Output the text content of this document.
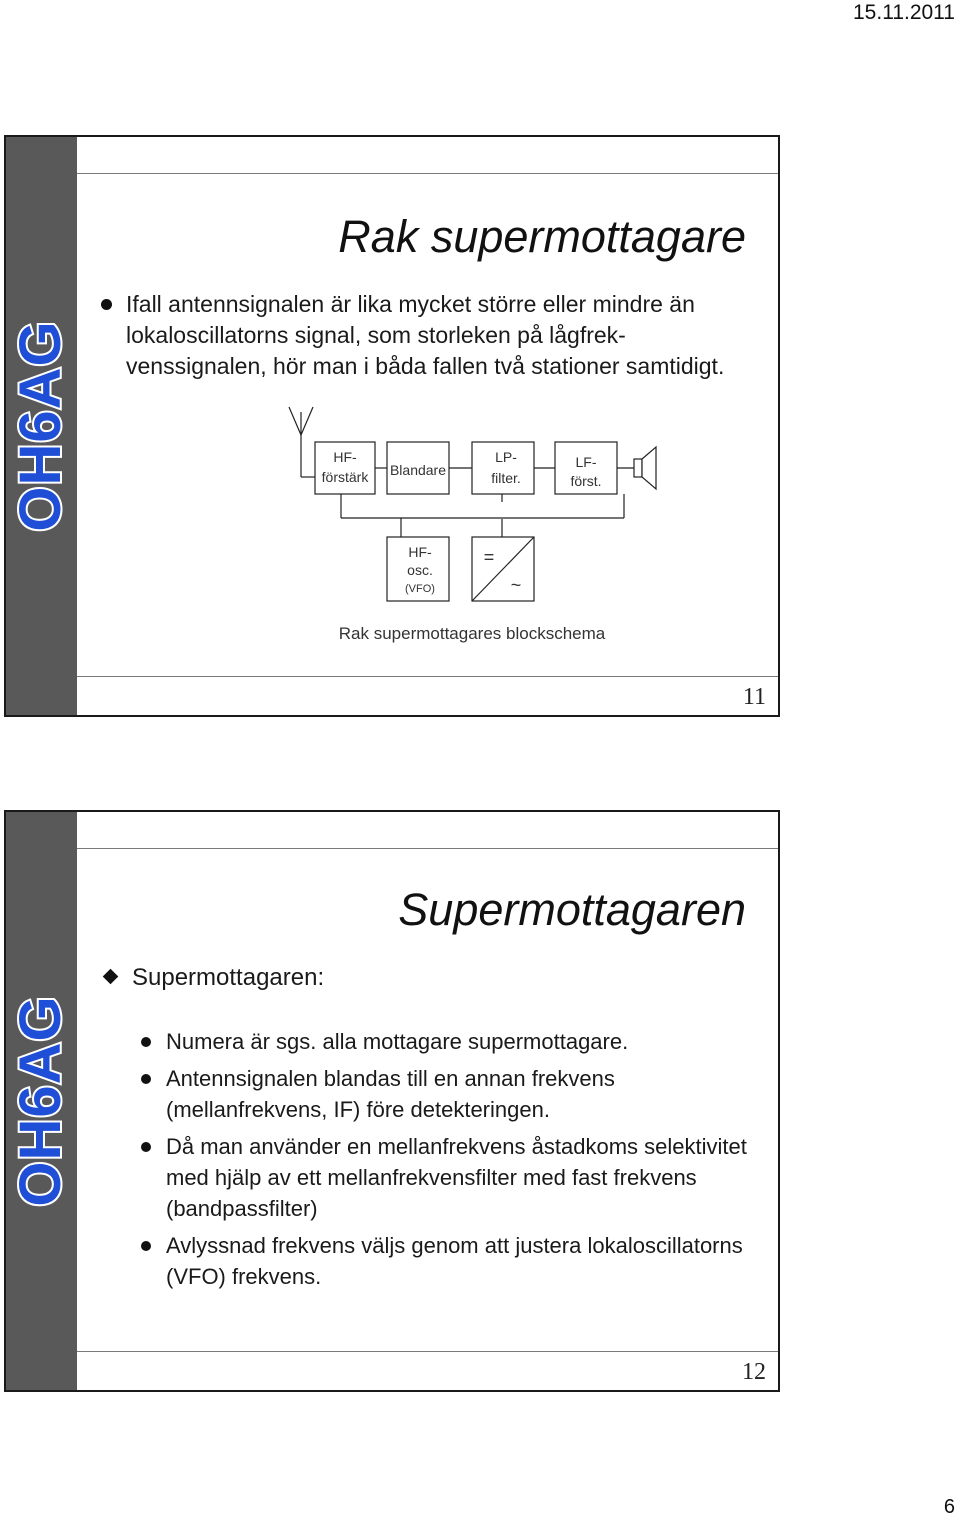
15.11.2011
OH6AG
Rak supermottagare
Ifall antennsignalen är lika mycket större eller mindre än lokaloscillatorns signal, som storleken på lågfrek-venssignalen, hör man i båda fallen två stationer samtidigt.
HF-
förstärk Blandare
LP-
filter.
LF-
först.
HF-
osc.
(VFO)
=
~
Rak supermottagares blockschema
11
OH6AG
Supermottagaren
Supermottagaren:
Numera är sgs. alla mottagare supermottagare.
Antennsignalen blandas till en annan frekvens (mellanfrekvens, IF) före detekteringen.
Då man använder en mellanfrekvens åstadkoms selektivitet med hjälp av ett mellanfrekvensfilter med fast frekvens (bandpassfilter)
Avlyssnad frekvens väljs genom att justera lokaloscillatorns (VFO) frekvens.
12
6
